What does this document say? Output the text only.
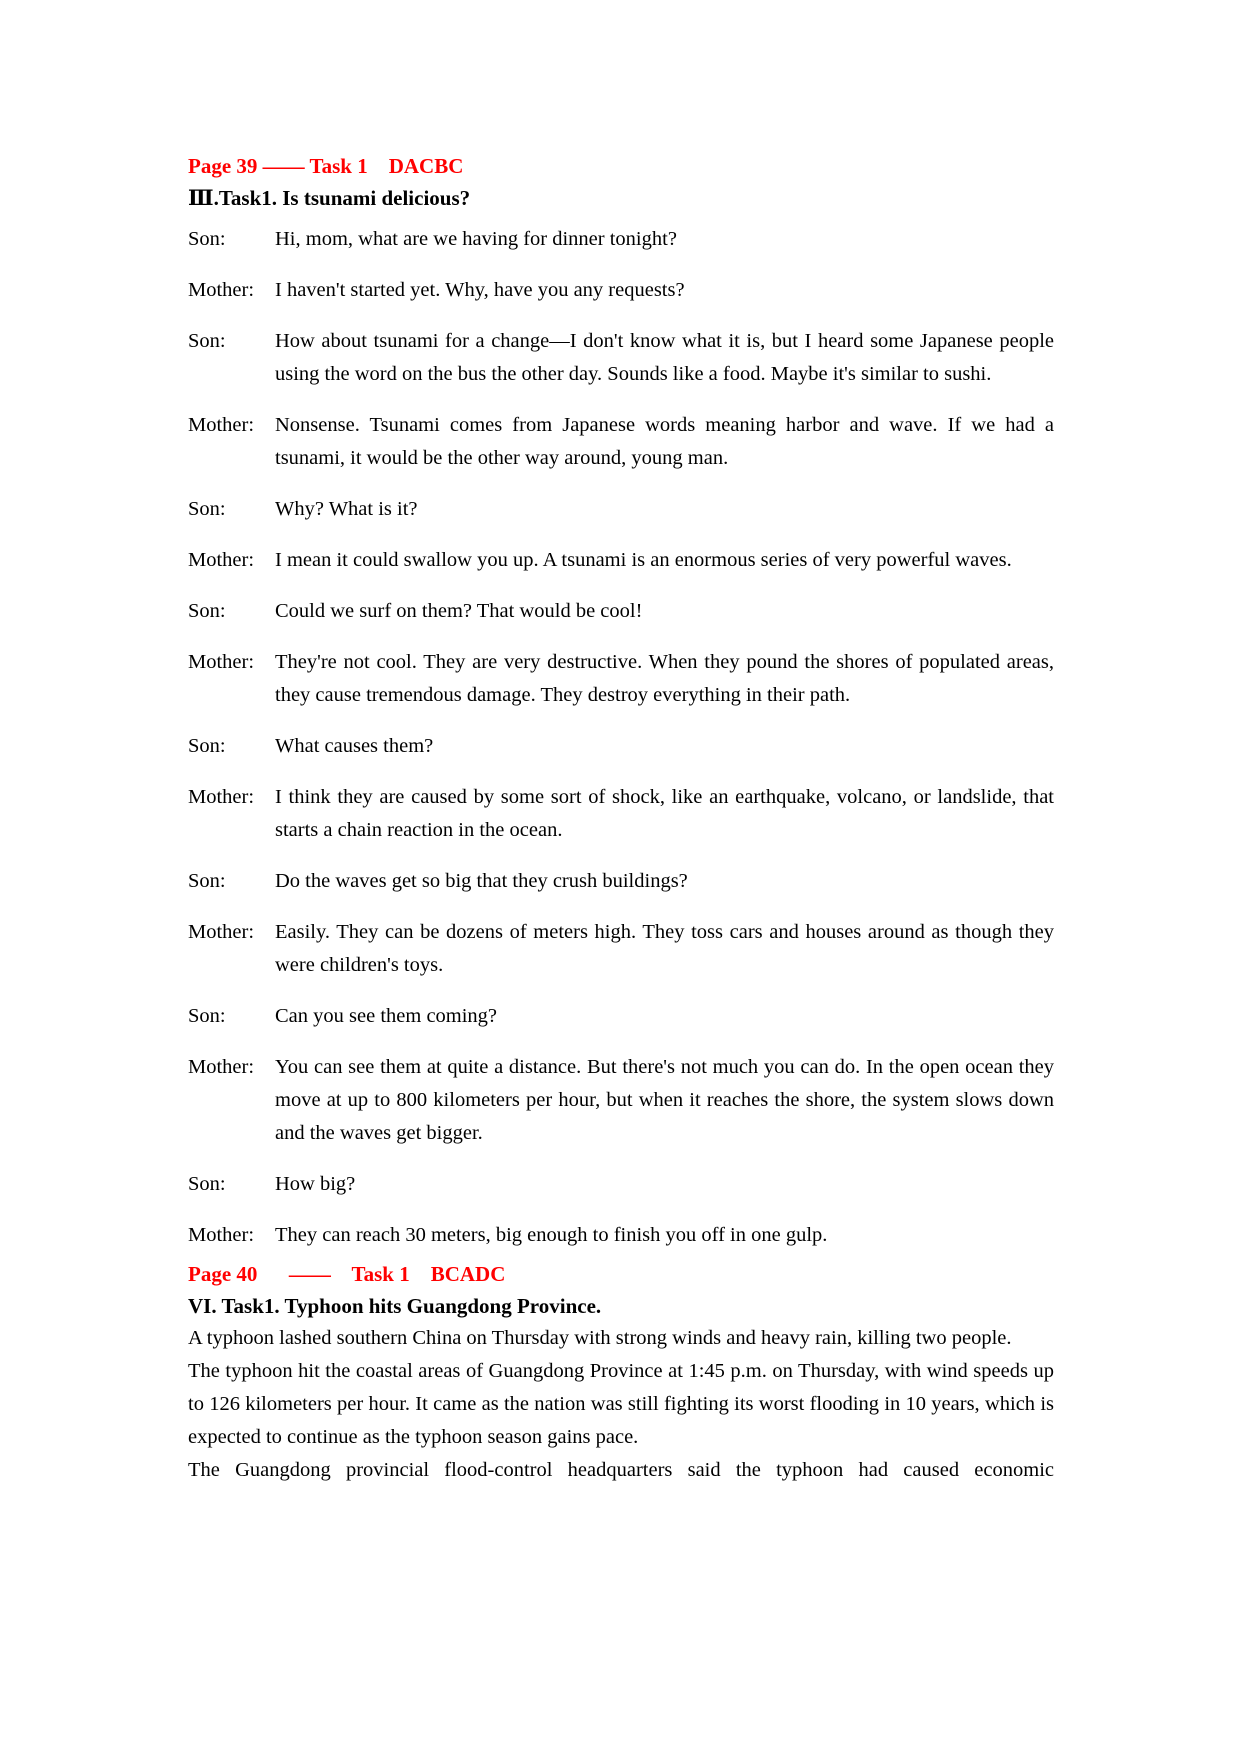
Page 39 —— Task 1    DACBC
Ⅲ.Task1. Is tsunami delicious?
Son:	Hi, mom, what are we having for dinner tonight?
Mother:	I haven't started yet. Why, have you any requests?
Son:	How about tsunami for a change—I don't know what it is, but I heard some Japanese people using the word on the bus the other day. Sounds like a food. Maybe it's similar to sushi.
Mother:	Nonsense. Tsunami comes from Japanese words meaning harbor and wave. If we had a tsunami, it would be the other way around, young man.
Son:	Why? What is it?
Mother:	I mean it could swallow you up. A tsunami is an enormous series of very powerful waves.
Son:	Could we surf on them? That would be cool!
Mother:	They're not cool. They are very destructive. When they pound the shores of populated areas, they cause tremendous damage. They destroy everything in their path.
Son:	What causes them?
Mother:	I think they are caused by some sort of shock, like an earthquake, volcano, or landslide, that starts a chain reaction in the ocean.
Son:	Do the waves get so big that they crush buildings?
Mother:	Easily. They can be dozens of meters high. They toss cars and houses around as though they were children's toys.
Son:	Can you see them coming?
Mother:	You can see them at quite a distance. But there's not much you can do. In the open ocean they move at up to 800 kilometers per hour, but when it reaches the shore, the system slows down and the waves get bigger.
Son:	How big?
Mother:	They can reach 30 meters, big enough to finish you off in one gulp.
Page 40      ——    Task 1    BCADC
VI. Task1. Typhoon hits Guangdong Province.
A typhoon lashed southern China on Thursday with strong winds and heavy rain, killing two people.
The typhoon hit the coastal areas of Guangdong Province at 1:45 p.m. on Thursday, with wind speeds up to 126 kilometers per hour. It came as the nation was still fighting its worst flooding in 10 years, which is expected to continue as the typhoon season gains pace.
The Guangdong provincial flood-control headquarters said the typhoon had caused economic
